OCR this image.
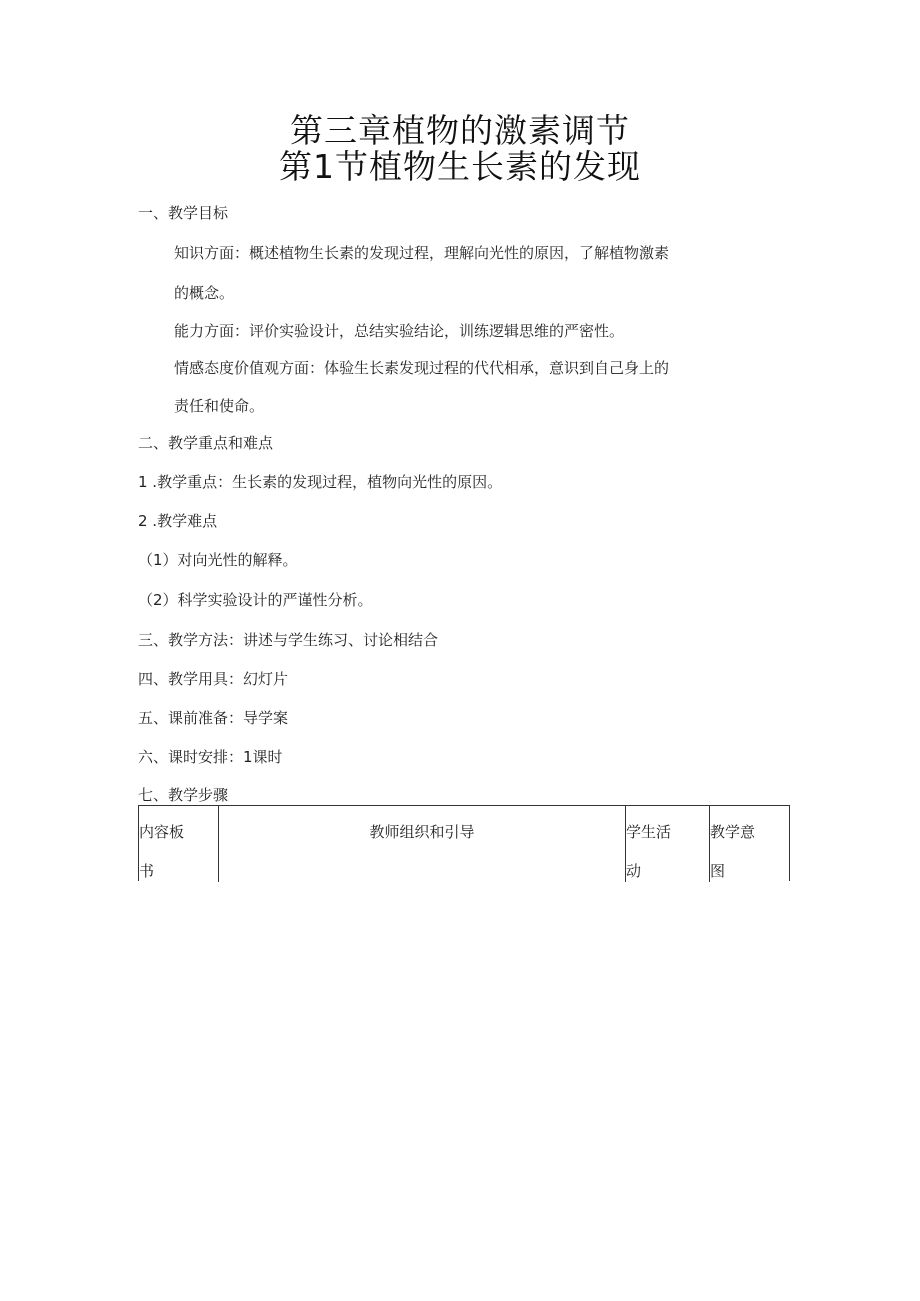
第三章植物的激素调节
第1节植物生长素的发现
一、教学目标
知识方面：概述植物生长素的发现过程，理解向光性的原因，了解植物激素
的概念。
能力方面：评价实验设计，总结实验结论，训练逻辑思维的严密性。
情感态度价值观方面：体验生长素发现过程的代代相承，意识到自己身上的
责任和使命。
二、教学重点和难点
1 .教学重点：生长素的发现过程，植物向光性的原因。
2 .教学难点
（1）对向光性的解释。
（2）科学实验设计的严谨性分析。
三、教学方法：讲述与学生练习、讨论相结合
四、教学用具：幻灯片
五、课前准备：导学案
六、课时安排：1课时
七、教学步骤
内容板
书
教师组织和引导	学生活
动
教学意
图
